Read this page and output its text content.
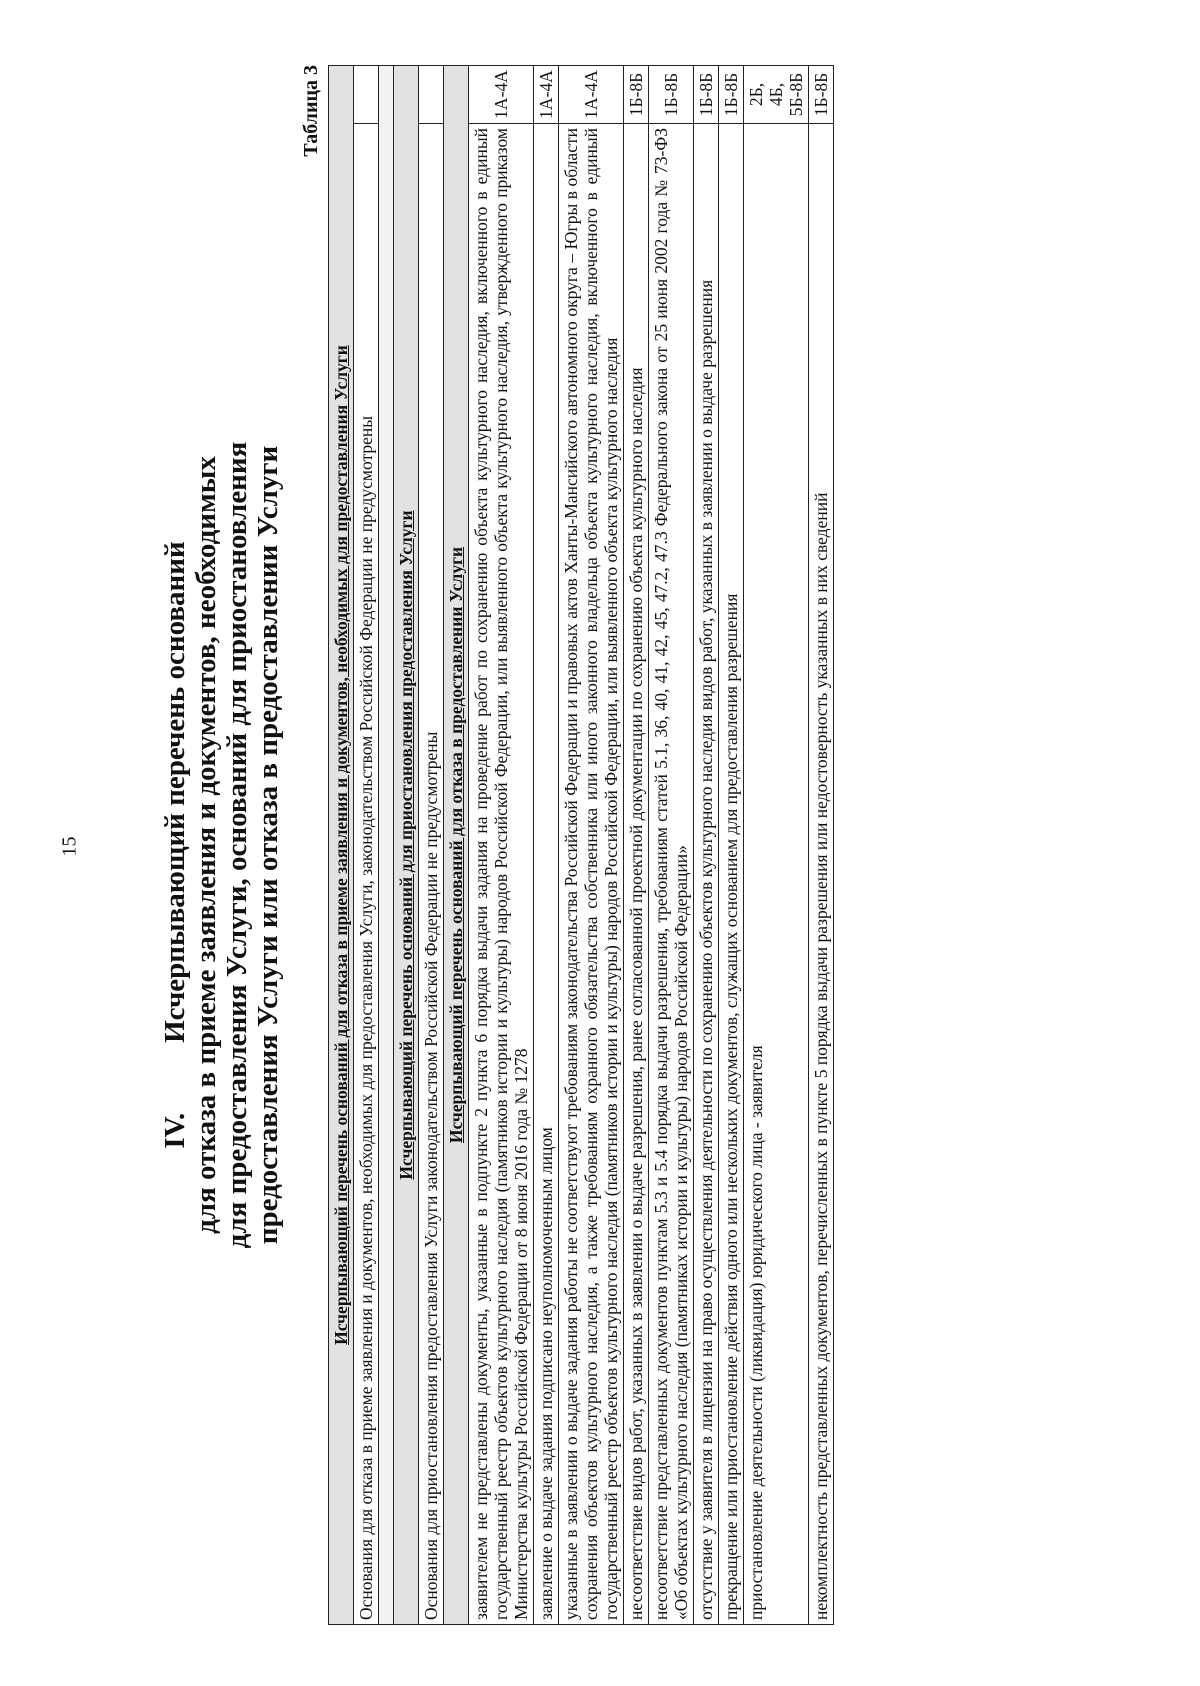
15
IV.Исчерпывающий перечень оснований для отказа в приеме заявления и документов, необходимых для предоставления Услуги, оснований для приостановления предоставления Услуги или отказа в предоставлении Услуги
Таблица 3
Исчерпывающий перечень оснований для отказа в приеме заявления и документов, необходимых для предоставления Услуги	
Основания для отказа в приеме заявления и документов, необходимых для предоставления Услуги, законодательством Российской Федерации не предусмотрены	

Исчерпывающий перечень оснований для приостановления предоставления Услуги	
Основания для приостановления предоставления Услуги законодательством Российской Федерации не предусмотрены	
Исчерпывающий перечень оснований для отказа в предоставлении Услуги	
заявителем не представлены документы, указанные в подпункте 2 пункта 6 порядка выдачи задания на проведение работ по сохранению объекта культурного наследия, включенного в единый государственный реестр объектов культурного наследия (памятников истории и культуры) народов Российской Федерации, или выявленного объекта культурного наследия, утвержденного приказом Министерства культуры Российской Федерации от 8 июня 2016 года № 1278	1А-4А
заявление о выдаче задания подписано неуполномоченным лицом	1А-4А
указанные в заявлении о выдаче задания работы не соответствуют требованиям законодательства Российской Федерации и правовых актов Ханты-Мансийского автономного округа – Югры в области сохранения объектов культурного наследия, а также требованиям охранного обязательства собственника или иного законного владельца объекта культурного наследия, включенного в единый государственный реестр объектов культурного наследия (памятников истории и культуры) народов Российской Федерации, или выявленного объекта культурного наследия	1А-4А
несоответствие видов работ, указанных в заявлении о выдаче разрешения, ранее согласованной проектной документации по сохранению объекта культурного наследия	1Б-8Б
несоответствие представленных документов пунктам 5.3 и 5.4 порядка выдачи разрешения, требованиям статей 5.1, 36, 40, 41, 42, 45, 47.2, 47.3 Федерального закона от 25 июня 2002 года № 73-ФЗ «Об объектах культурного наследия (памятниках истории и культуры) народов Российской Федерации»	1Б-8Б
отсутствие у заявителя в лицензии на право осуществления деятельности по сохранению объектов культурного наследия видов работ, указанных в заявлении о выдаче разрешения	1Б-8Б
прекращение или приостановление действия одного или нескольких документов, служащих основанием для предоставления разрешения	1Б-8Б
приостановление деятельности (ликвидация) юридического лица - заявителя	2Б, 4Б, 5Б-8Б
некомплектность представленных документов, перечисленных в пункте 5 порядка выдачи разрешения или недостоверность указанных в них сведений	1Б-8Б
